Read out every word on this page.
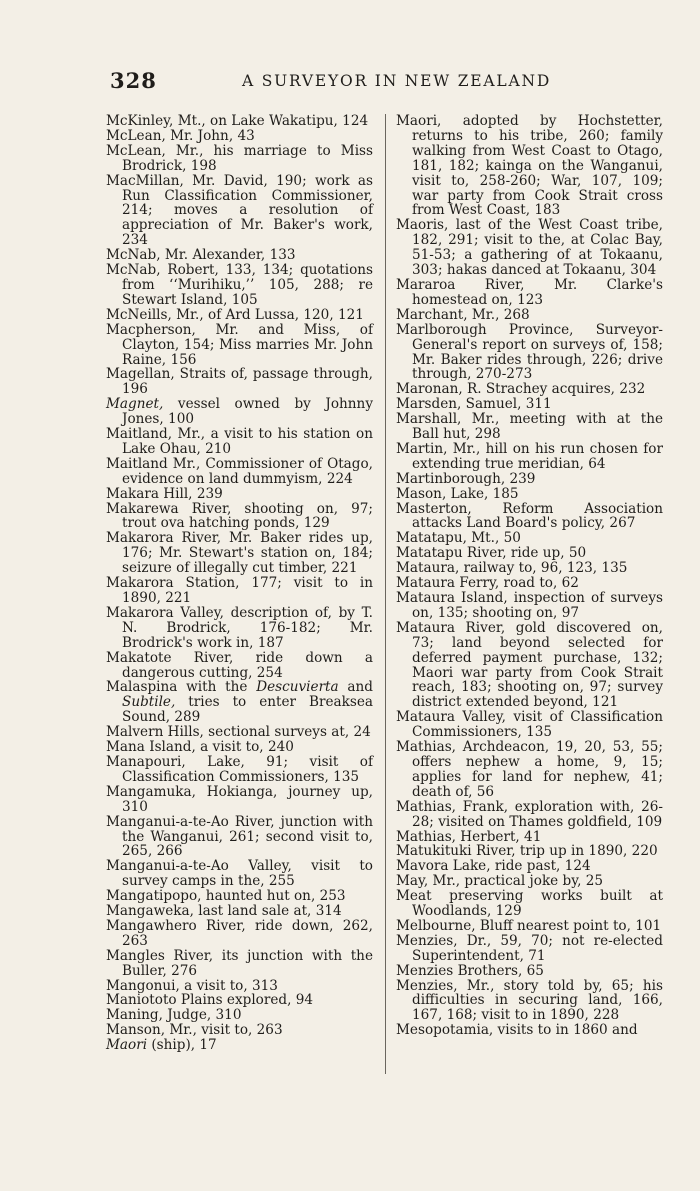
328	A SURVEYOR IN NEW ZEALAND
McKinley, Mt., on Lake Wakatipu, 124
McLean, Mr. John, 43
McLean, Mr., his marriage to Miss Brodrick, 198
MacMillan, Mr. David, 190; work as Run Classification Commissioner, 214; moves a resolution of appreciation of Mr. Baker's work, 234
McNab, Mr. Alexander, 133
McNab, Robert, 133, 134; quotations from ‘‘Murihiku,’’ 105, 288; re Stewart Island, 105
McNeills, Mr., of Ard Lussa, 120, 121
Macpherson, Mr. and Miss, of Clayton, 154; Miss marries Mr. John Raine, 156
Magellan, Straits of, passage through, 196
Magnet, vessel owned by Johnny Jones, 100
Maitland, Mr., a visit to his station on Lake Ohau, 210
Maitland Mr., Commissioner of Otago, evidence on land dummyism, 224
Makara Hill, 239
Makarewa River, shooting on, 97; trout ova hatching ponds, 129
Makarora River, Mr. Baker rides up, 176; Mr. Stewart's station on, 184; seizure of illegally cut timber, 221
Makarora Station, 177; visit to in 1890, 221
Makarora Valley, description of, by T. N. Brodrick, 176-182; Mr. Brodrick's work in, 187
Makatote River, ride down a dangerous cutting, 254
Malaspina with the Descuvierta and Subtile, tries to enter Breaksea Sound, 289
Malvern Hills, sectional surveys at, 24
Mana Island, a visit to, 240
Manapouri, Lake, 91; visit of Classification Commissioners, 135
Mangamuka, Hokianga, journey up, 310
Manganui-a-te-Ao River, junction with the Wanganui, 261; second visit to, 265, 266
Manganui-a-te-Ao Valley, visit to survey camps in the, 255
Mangatipopo, haunted hut on, 253
Mangaweka, last land sale at, 314
Mangawhero River, ride down, 262, 263
Mangles River, its junction with the Buller, 276
Mangonui, a visit to, 313
Maniototo Plains explored, 94
Maning, Judge, 310
Manson, Mr., visit to, 263
Maori (ship), 17
Maori, adopted by Hochstetter, returns to his tribe, 260; family walking from West Coast to Otago, 181, 182; kainga on the Wanganui, visit to, 258-260; War, 107, 109; war party from Cook Strait cross from West Coast, 183
Maoris, last of the West Coast tribe, 182, 291; visit to the, at Colac Bay, 51-53; a gathering of at Tokaanu, 303; hakas danced at Tokaanu, 304
Mararoa River, Mr. Clarke's homestead on, 123
Marchant, Mr., 268
Marlborough Province, Surveyor-General's report on surveys of, 158; Mr. Baker rides through, 226; drive through, 270-273
Maronan, R. Strachey acquires, 232
Marsden, Samuel, 311
Marshall, Mr., meeting with at the Ball hut, 298
Martin, Mr., hill on his run chosen for extending true meridian, 64
Martinborough, 239
Mason, Lake, 185
Masterton, Reform Association attacks Land Board's policy, 267
Matatapu, Mt., 50
Matatapu River, ride up, 50
Mataura, railway to, 96, 123, 135
Mataura Ferry, road to, 62
Mataura Island, inspection of surveys on, 135; shooting on, 97
Mataura River, gold discovered on, 73; land beyond selected for deferred payment purchase, 132; Maori war party from Cook Strait reach, 183; shooting on, 97; survey district extended beyond, 121
Mataura Valley, visit of Classification Commissioners, 135
Mathias, Archdeacon, 19, 20, 53, 55; offers nephew a home, 9, 15; applies for land for nephew, 41; death of, 56
Mathias, Frank, exploration with, 26-28; visited on Thames goldfield, 109
Mathias, Herbert, 41
Matukituki River, trip up in 1890, 220
Mavora Lake, ride past, 124
May, Mr., practical joke by, 25
Meat preserving works built at Woodlands, 129
Melbourne, Bluff nearest point to, 101
Menzies, Dr., 59, 70; not re-elected Superintendent, 71
Menzies Brothers, 65
Menzies, Mr., story told by, 65; his difficulties in securing land, 166, 167, 168; visit to in 1890, 228
Mesopotamia, visits to in 1860 and
